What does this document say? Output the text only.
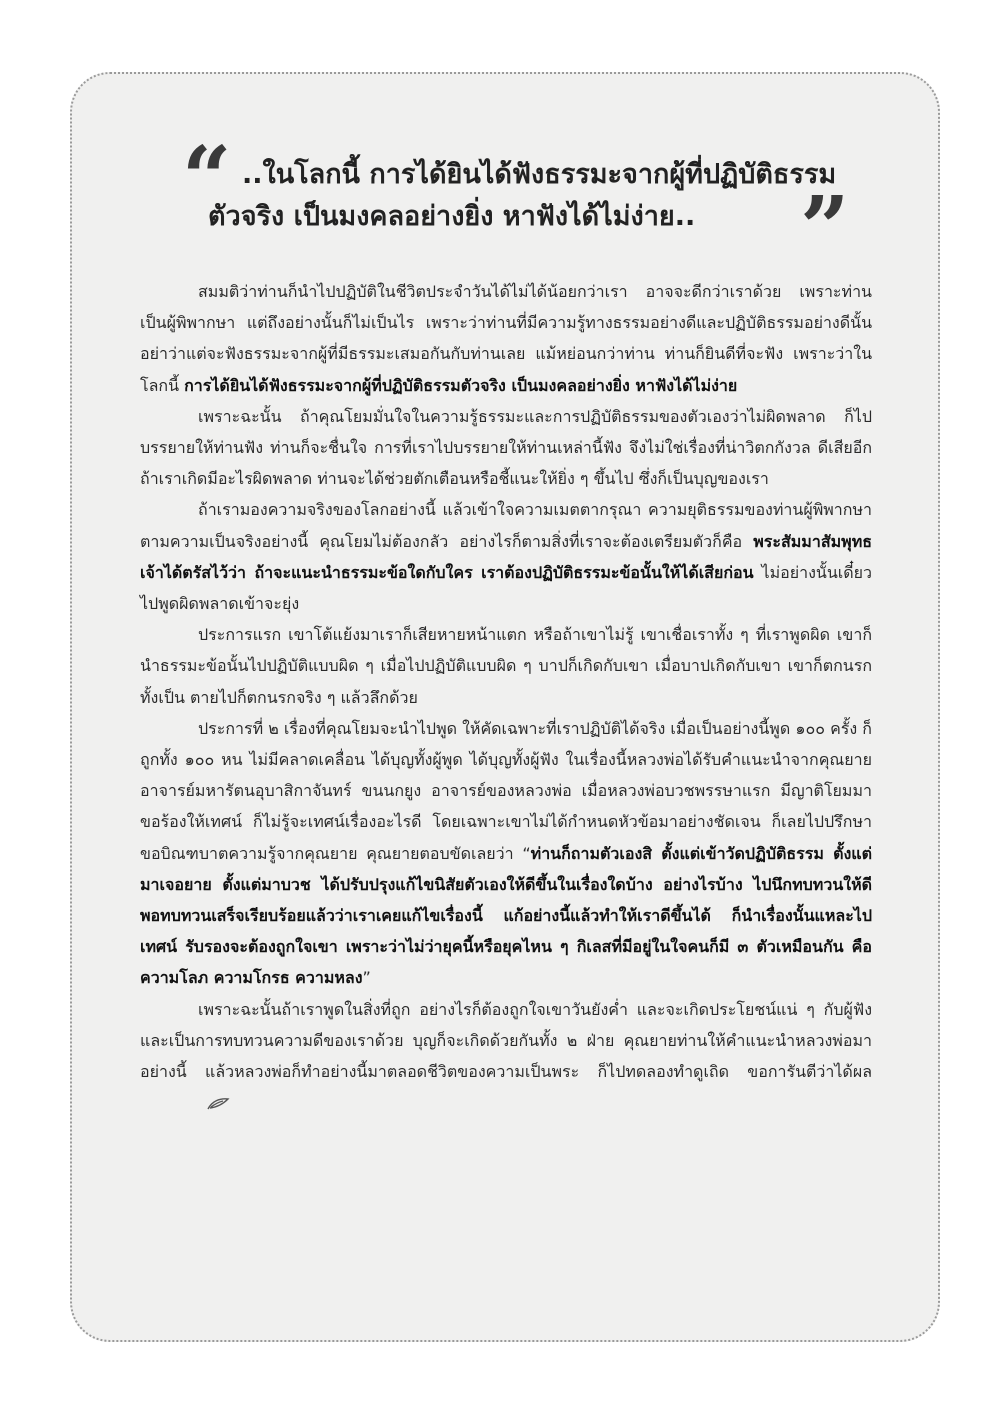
“ ..ในโลกนี้ การได้ยินได้ฟังธรรมะจากผู้ที่ปฏิบัติธรรม
ตัวจริง เป็นมงคลอย่างยิ่ง หาฟังได้ไม่ง่าย.. ”

สมมติว่าท่านก็นำไปปฏิบัติในชีวิตประจำวันได้ไม่ได้น้อยกว่าเรา อาจจะดีกว่าเราด้วย เพราะท่านเป็นผู้พิพากษา แต่ถึงอย่างนั้นก็ไม่เป็นไร เพราะว่าท่านที่มีความรู้ทางธรรมอย่างดีและปฏิบัติธรรมอย่างดีนั้น อย่าว่าแต่จะฟังธรรมะจากผู้ที่มีธรรมะเสมอกันกับท่านเลย แม้หย่อนกว่าท่าน ท่านก็ยินดีที่จะฟัง เพราะว่าในโลกนี้ การได้ยินได้ฟังธรรมะจากผู้ที่ปฏิบัติธรรมตัวจริง เป็นมงคลอย่างยิ่ง หาฟังได้ไม่ง่าย

เพราะฉะนั้น ถ้าคุณโยมมั่นใจในความรู้ธรรมะและการปฏิบัติธรรมของตัวเองว่าไม่ผิดพลาด ก็ไปบรรยายให้ท่านฟัง ท่านก็จะชื่นใจ การที่เราไปบรรยายให้ท่านเหล่านี้ฟัง จึงไม่ใช่เรื่องที่น่าวิตกกังวล ดีเสียอีก ถ้าเราเกิดมีอะไรผิดพลาด ท่านจะได้ช่วยตักเตือนหรือชี้แนะให้ยิ่ง ๆ ขึ้นไป ซึ่งก็เป็นบุญของเรา

ถ้าเรามองความจริงของโลกอย่างนี้ แล้วเข้าใจความเมตตากรุณา ความยุติธรรมของท่านผู้พิพากษาตามความเป็นจริงอย่างนี้ คุณโยมไม่ต้องกลัว อย่างไรก็ตามสิ่งที่เราจะต้องเตรียมตัวก็คือ พระสัมมาสัมพุทธเจ้าได้ตรัสไว้ว่า ถ้าจะแนะนำธรรมะข้อใดกับใคร เราต้องปฏิบัติธรรมะข้อนั้นให้ได้เสียก่อน ไม่อย่างนั้นเดี๋ยวไปพูดผิดพลาดเข้าจะยุ่ง

ประการแรก เขาโต้แย้งมาเราก็เสียหายหน้าแตก หรือถ้าเขาไม่รู้ เขาเชื่อเราทั้ง ๆ ที่เราพูดผิด เขาก็นำธรรมะข้อนั้นไปปฏิบัติแบบผิด ๆ เมื่อไปปฏิบัติแบบผิด ๆ บาปก็เกิดกับเขา เมื่อบาปเกิดกับเขา เขาก็ตกนรกทั้งเป็น ตายไปก็ตกนรกจริง ๆ แล้วลึกด้วย

ประการที่ ๒ เรื่องที่คุณโยมจะนำไปพูด ให้คัดเฉพาะที่เราปฏิบัติได้จริง เมื่อเป็นอย่างนี้พูด ๑๐๐ ครั้ง ก็ถูกทั้ง ๑๐๐ หน ไม่มีคลาดเคลื่อน ได้บุญทั้งผู้พูด ได้บุญทั้งผู้ฟัง ในเรื่องนี้หลวงพ่อได้รับคำแนะนำจากคุณยายอาจารย์มหารัตนอุบาสิกาจันทร์ ขนนกยูง อาจารย์ของหลวงพ่อ เมื่อหลวงพ่อบวชพรรษาแรก มีญาติโยมมาขอร้องให้เทศน์ ก็ไม่รู้จะเทศน์เรื่องอะไรดี โดยเฉพาะเขาไม่ได้กำหนดหัวข้อมาอย่างชัดเจน ก็เลยไปปรึกษาขอบิณฑบาตความรู้จากคุณยาย คุณยายตอบขัดเลยว่า “ท่านก็ถามตัวเองสิ ตั้งแต่เข้าวัดปฏิบัติธรรม ตั้งแต่มาเจอยาย ตั้งแต่มาบวช ได้ปรับปรุงแก้ไขนิสัยตัวเองให้ดีขึ้นในเรื่องใดบ้าง อย่างไรบ้าง ไปนึกทบทวนให้ดี พอทบทวนเสร็จเรียบร้อยแล้วว่าเราเคยแก้ไขเรื่องนี้ แก้อย่างนี้แล้วทำให้เราดีขึ้นได้ ก็นำเรื่องนั้นแหละไปเทศน์ รับรองจะต้องถูกใจเขา เพราะว่าไม่ว่ายุคนี้หรือยุคไหน ๆ กิเลสที่มีอยู่ในใจคนก็มี ๓ ตัวเหมือนกัน คือ ความโลภ ความโกรธ ความหลง”

เพราะฉะนั้นถ้าเราพูดในสิ่งที่ถูก อย่างไรก็ต้องถูกใจเขาวันยังค่ำ และจะเกิดประโยชน์แน่ ๆ กับผู้ฟัง และเป็นการทบทวนความดีของเราด้วย บุญก็จะเกิดด้วยกันทั้ง ๒ ฝ่าย คุณยายท่านให้คำแนะนำหลวงพ่อมาอย่างนี้ แล้วหลวงพ่อก็ทำอย่างนี้มาตลอดชีวิตของความเป็นพระ ก็ไปทดลองทำดูเถิด ขอการันตีว่าได้ผล
